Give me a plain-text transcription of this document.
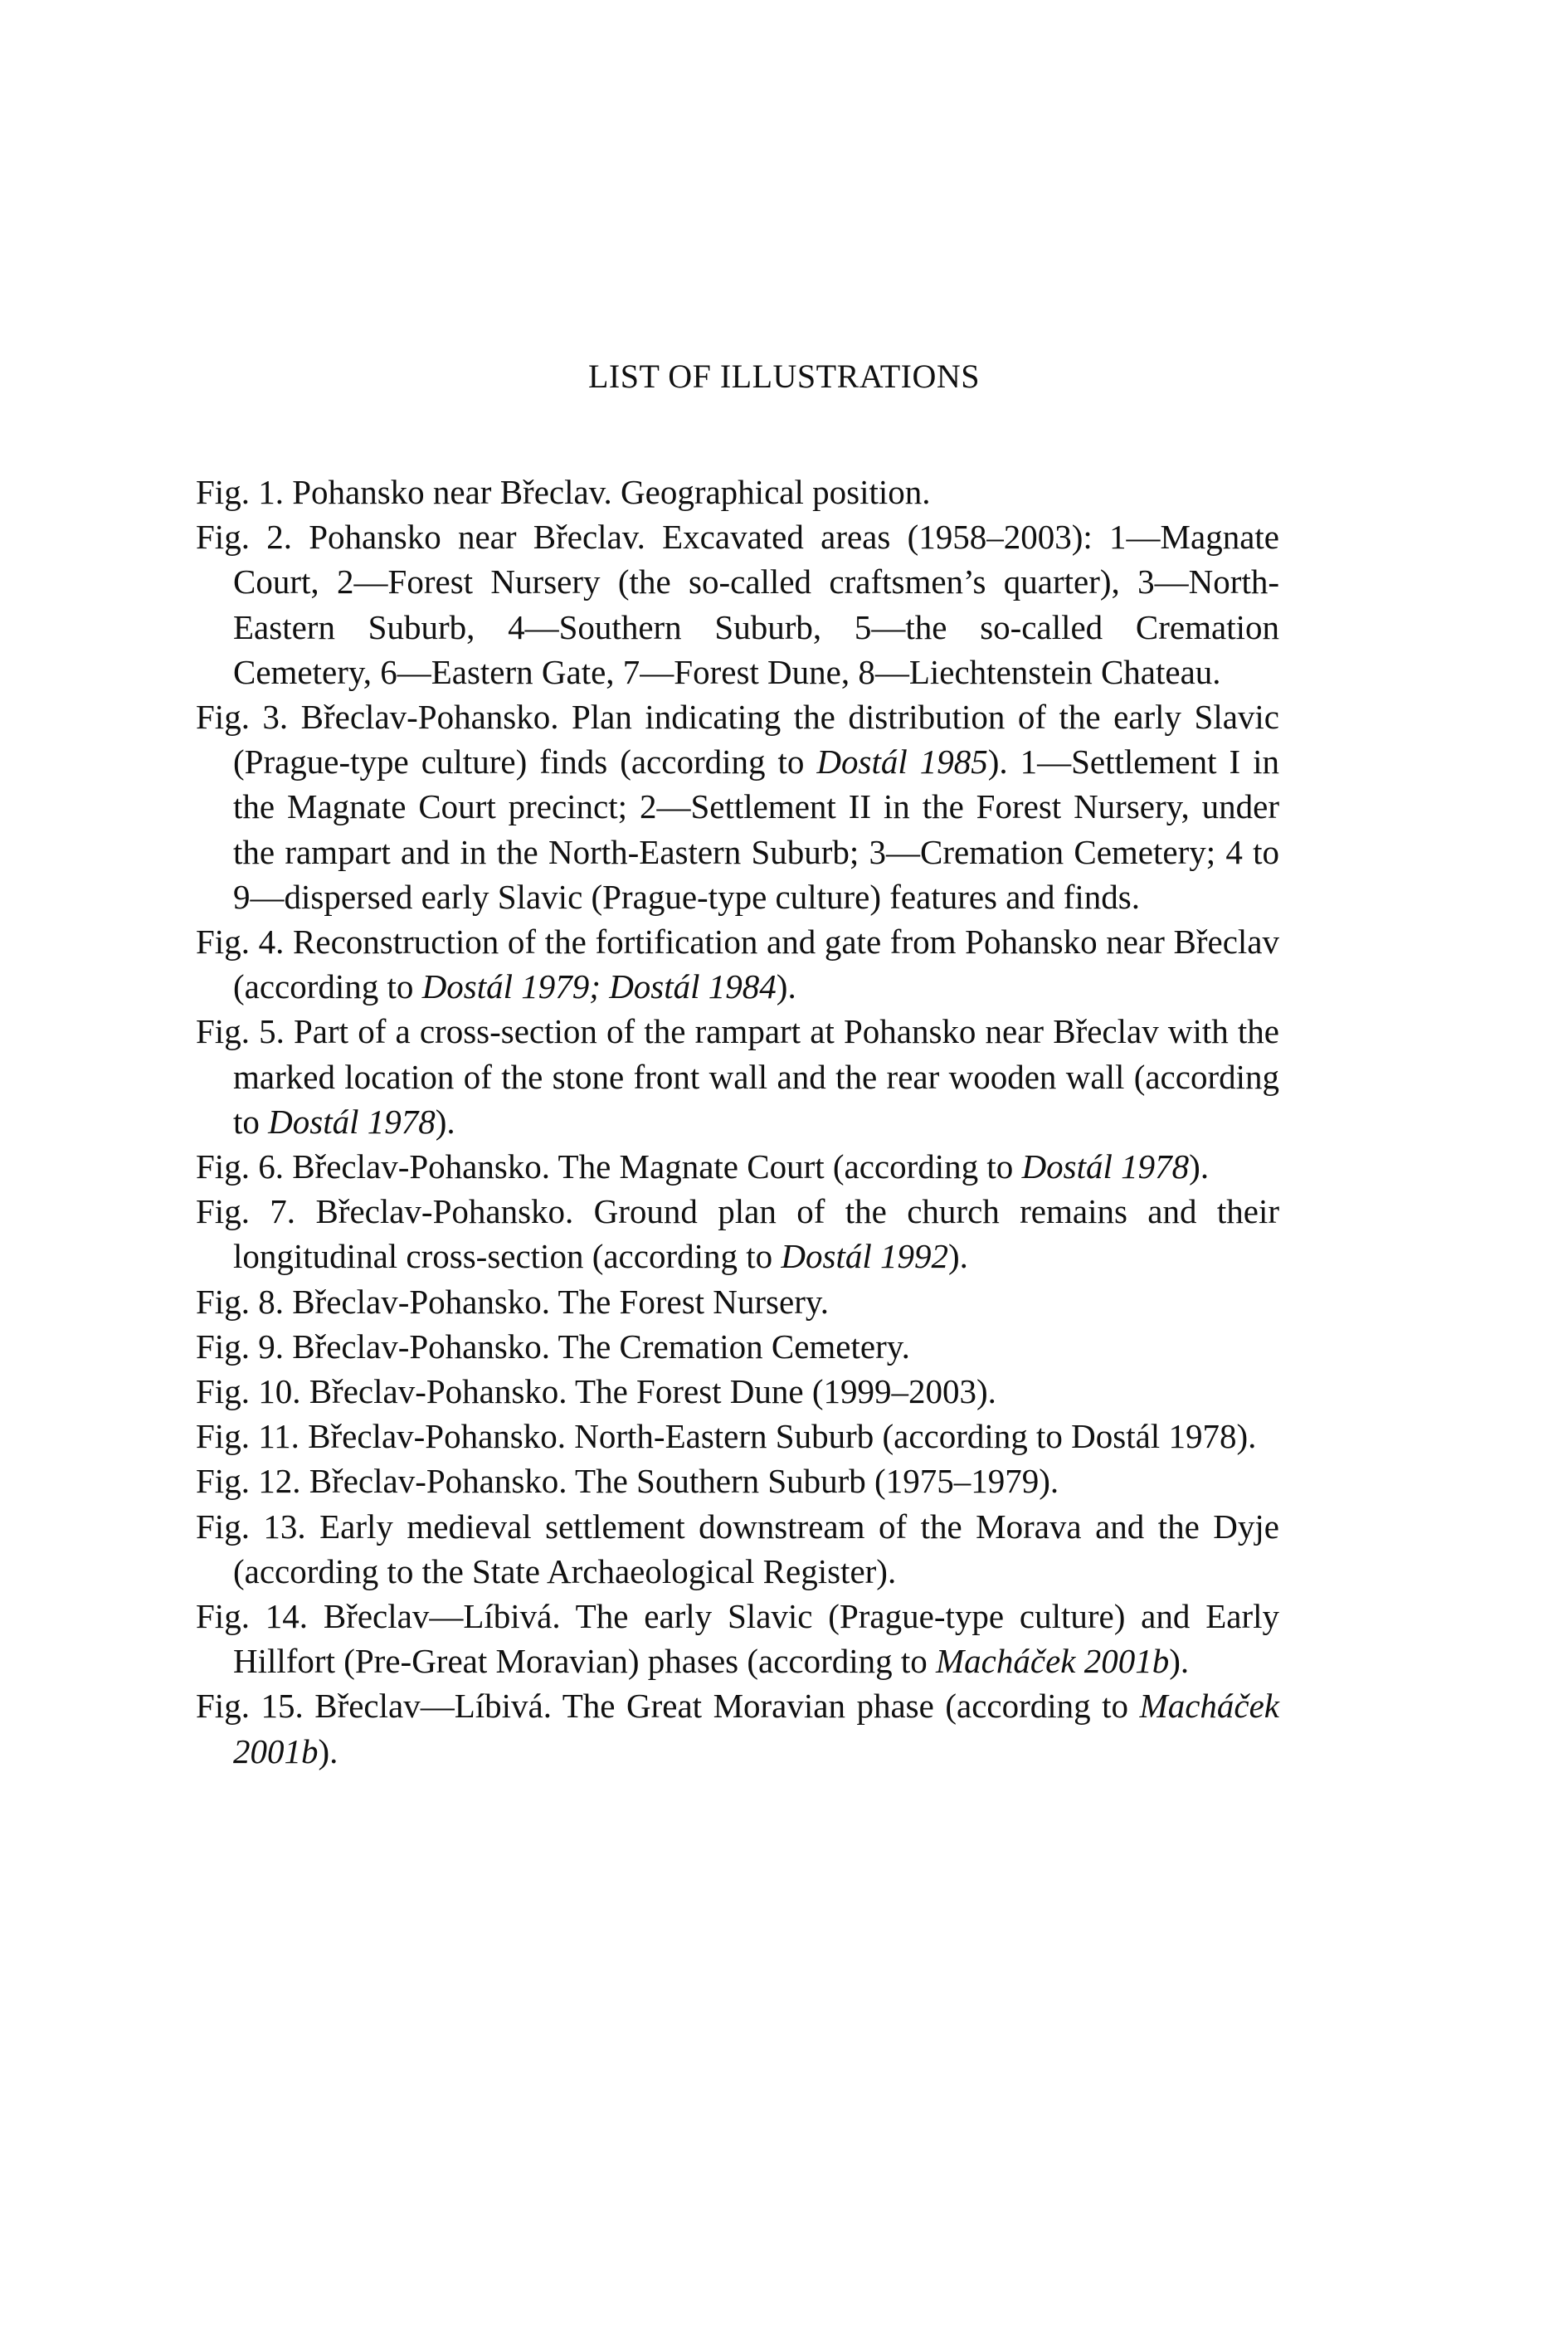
LIST OF ILLUSTRATIONS
Fig. 1. Pohansko near Břeclav. Geographical position.
Fig. 2. Pohansko near Břeclav. Excavated areas (1958–2003): 1—Magnate Court, 2—Forest Nursery (the so-called craftsmen’s quarter), 3—North-Eastern Suburb, 4—Southern Suburb, 5—the so-called Cremation Cemetery, 6—Eastern Gate, 7—Forest Dune, 8—Liechtenstein Chateau.
Fig. 3. Břeclav-Pohansko. Plan indicating the distribution of the early Slavic (Prague-type culture) finds (according to Dostál 1985). 1—Settlement I in the Magnate Court precinct; 2—Settlement II in the Forest Nursery, under the rampart and in the North-Eastern Suburb; 3—Cremation Cemetery; 4 to 9—dispersed early Slavic (Prague-type culture) features and finds.
Fig. 4. Reconstruction of the fortification and gate from Pohansko near Břeclav (according to Dostál 1979; Dostál 1984).
Fig. 5. Part of a cross-section of the rampart at Pohansko near Břeclav with the marked location of the stone front wall and the rear wooden wall (according to Dostál 1978).
Fig. 6. Břeclav-Pohansko. The Magnate Court (according to Dostál 1978).
Fig. 7. Břeclav-Pohansko. Ground plan of the church remains and their longitudinal cross-section (according to Dostál 1992).
Fig. 8. Břeclav-Pohansko. The Forest Nursery.
Fig. 9. Břeclav-Pohansko. The Cremation Cemetery.
Fig. 10. Břeclav-Pohansko. The Forest Dune (1999–2003).
Fig. 11. Břeclav-Pohansko. North-Eastern Suburb (according to Dostál 1978).
Fig. 12. Břeclav-Pohansko. The Southern Suburb (1975–1979).
Fig. 13. Early medieval settlement downstream of the Morava and the Dyje (according to the State Archaeological Register).
Fig. 14. Břeclav—Líbivá. The early Slavic (Prague-type culture) and Early Hillfort (Pre-Great Moravian) phases (according to Macháček 2001b).
Fig. 15. Břeclav—Líbivá. The Great Moravian phase (according to Macháček 2001b).
